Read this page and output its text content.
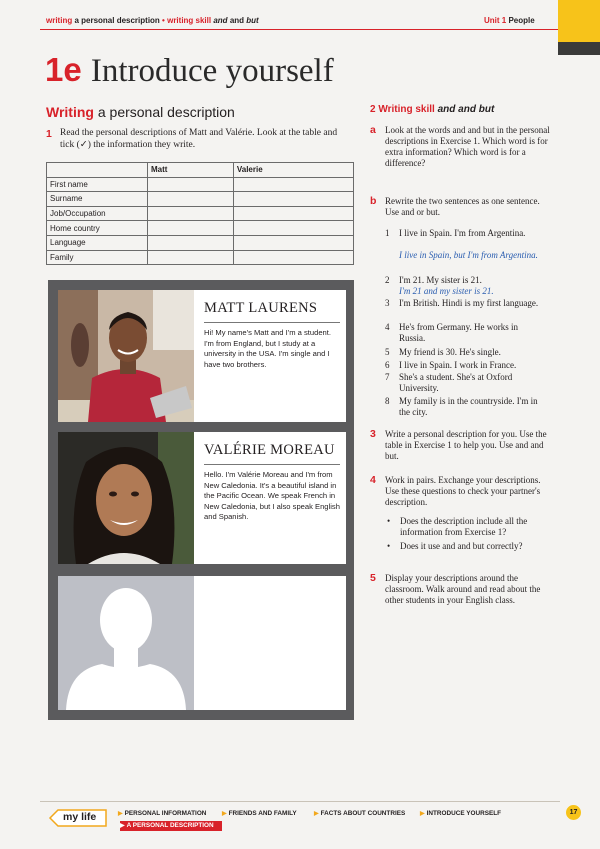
writing a personal description • writing skill and and but	Unit 1 People
1e Introduce yourself
Writing a personal description
1 Read the personal descriptions of Matt and Valérie. Look at the table and tick (✓) the information they write.
	Matt	Valerie
First name		
Surname		
Job/Occupation		
Home country		
Language		
Family		
MATT LAURENS
Hi! My name's Matt and I'm a student. I'm from England, but I study at a university in the USA. I'm single and I have two brothers.
VALÉRIE MOREAU
Hello. I'm Valérie Moreau and I'm from New Caledonia. It's a beautiful island in the Pacific Ocean. We speak French in New Caledonia, but I also speak English and Spanish.
2 Writing skill and and but
a Look at the words and and but in the personal descriptions in Exercise 1. Which word is for extra information? Which word is for a difference?
b Rewrite the two sentences as one sentence. Use and or but.
1 I live in Spain. I'm from Argentina.
I live in Spain, but I'm from Argentina.
2 I'm 21. My sister is 21.
I'm 21 and my sister is 21.
3 I'm British. Hindi is my first language.
4 He's from Germany. He works in Russia.
5 My friend is 30. He's single.
6 I live in Spain. I work in France.
7 She's a student. She's at Oxford University.
8 My family is in the countryside. I'm in the city.
3 Write a personal description for you. Use the table in Exercise 1 to help you. Use and and but.
4 Work in pairs. Exchange your descriptions. Use these questions to check your partner's description.
• Does the description include all the information from Exercise 1?
• Does it use and and but correctly?
5 Display your descriptions around the classroom. Walk around and read about the other students in your English class.
my life	▶ PERSONAL INFORMATION	▶ FRIENDS AND FAMILY	▶ FACTS ABOUT COUNTRIES ▶ INTRODUCE YOURSELF
▶ A PERSONAL DESCRIPTION
17
